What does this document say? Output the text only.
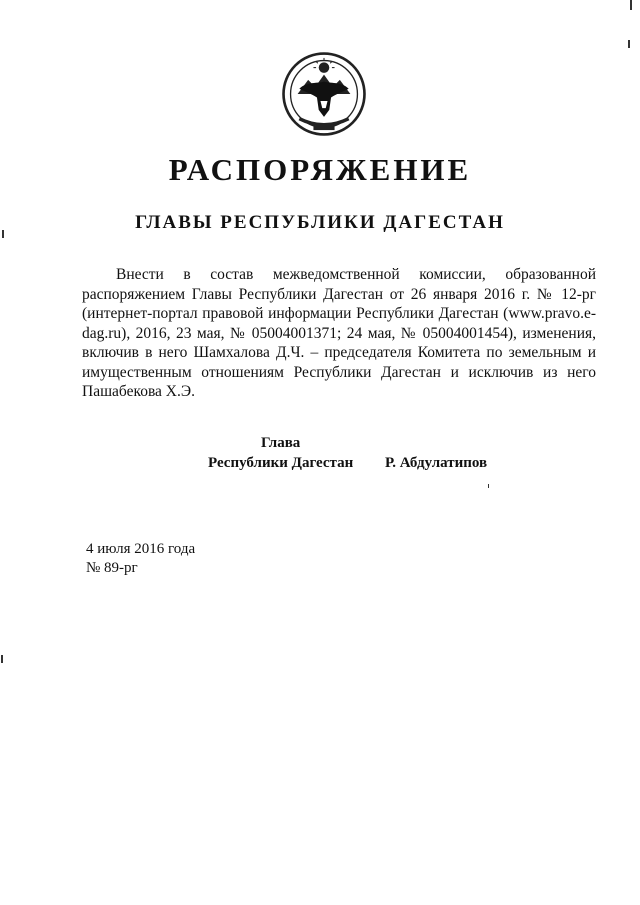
РАСПОРЯЖЕНИЕ
ГЛАВЫ РЕСПУБЛИКИ ДАГЕСТАН
Внести в состав межведомственной комиссии, образованной распоряжением Главы Республики Дагестан от 26 января 2016 г. № 12-рг (интернет-портал правовой информации Республики Дагестан (www.pravo.e-dag.ru), 2016, 23 мая, № 05004001371; 24 мая, № 05004001454), изменения, включив в него Шамхалова Д.Ч. – председателя Комитета по земельным и имущественным отношениям Республики Дагестан и исключив из него Пашабекова Х.Э.
Глава
Республики Дагестан Р. Абдулатипов
4 июля 2016 года
№ 89-рг
